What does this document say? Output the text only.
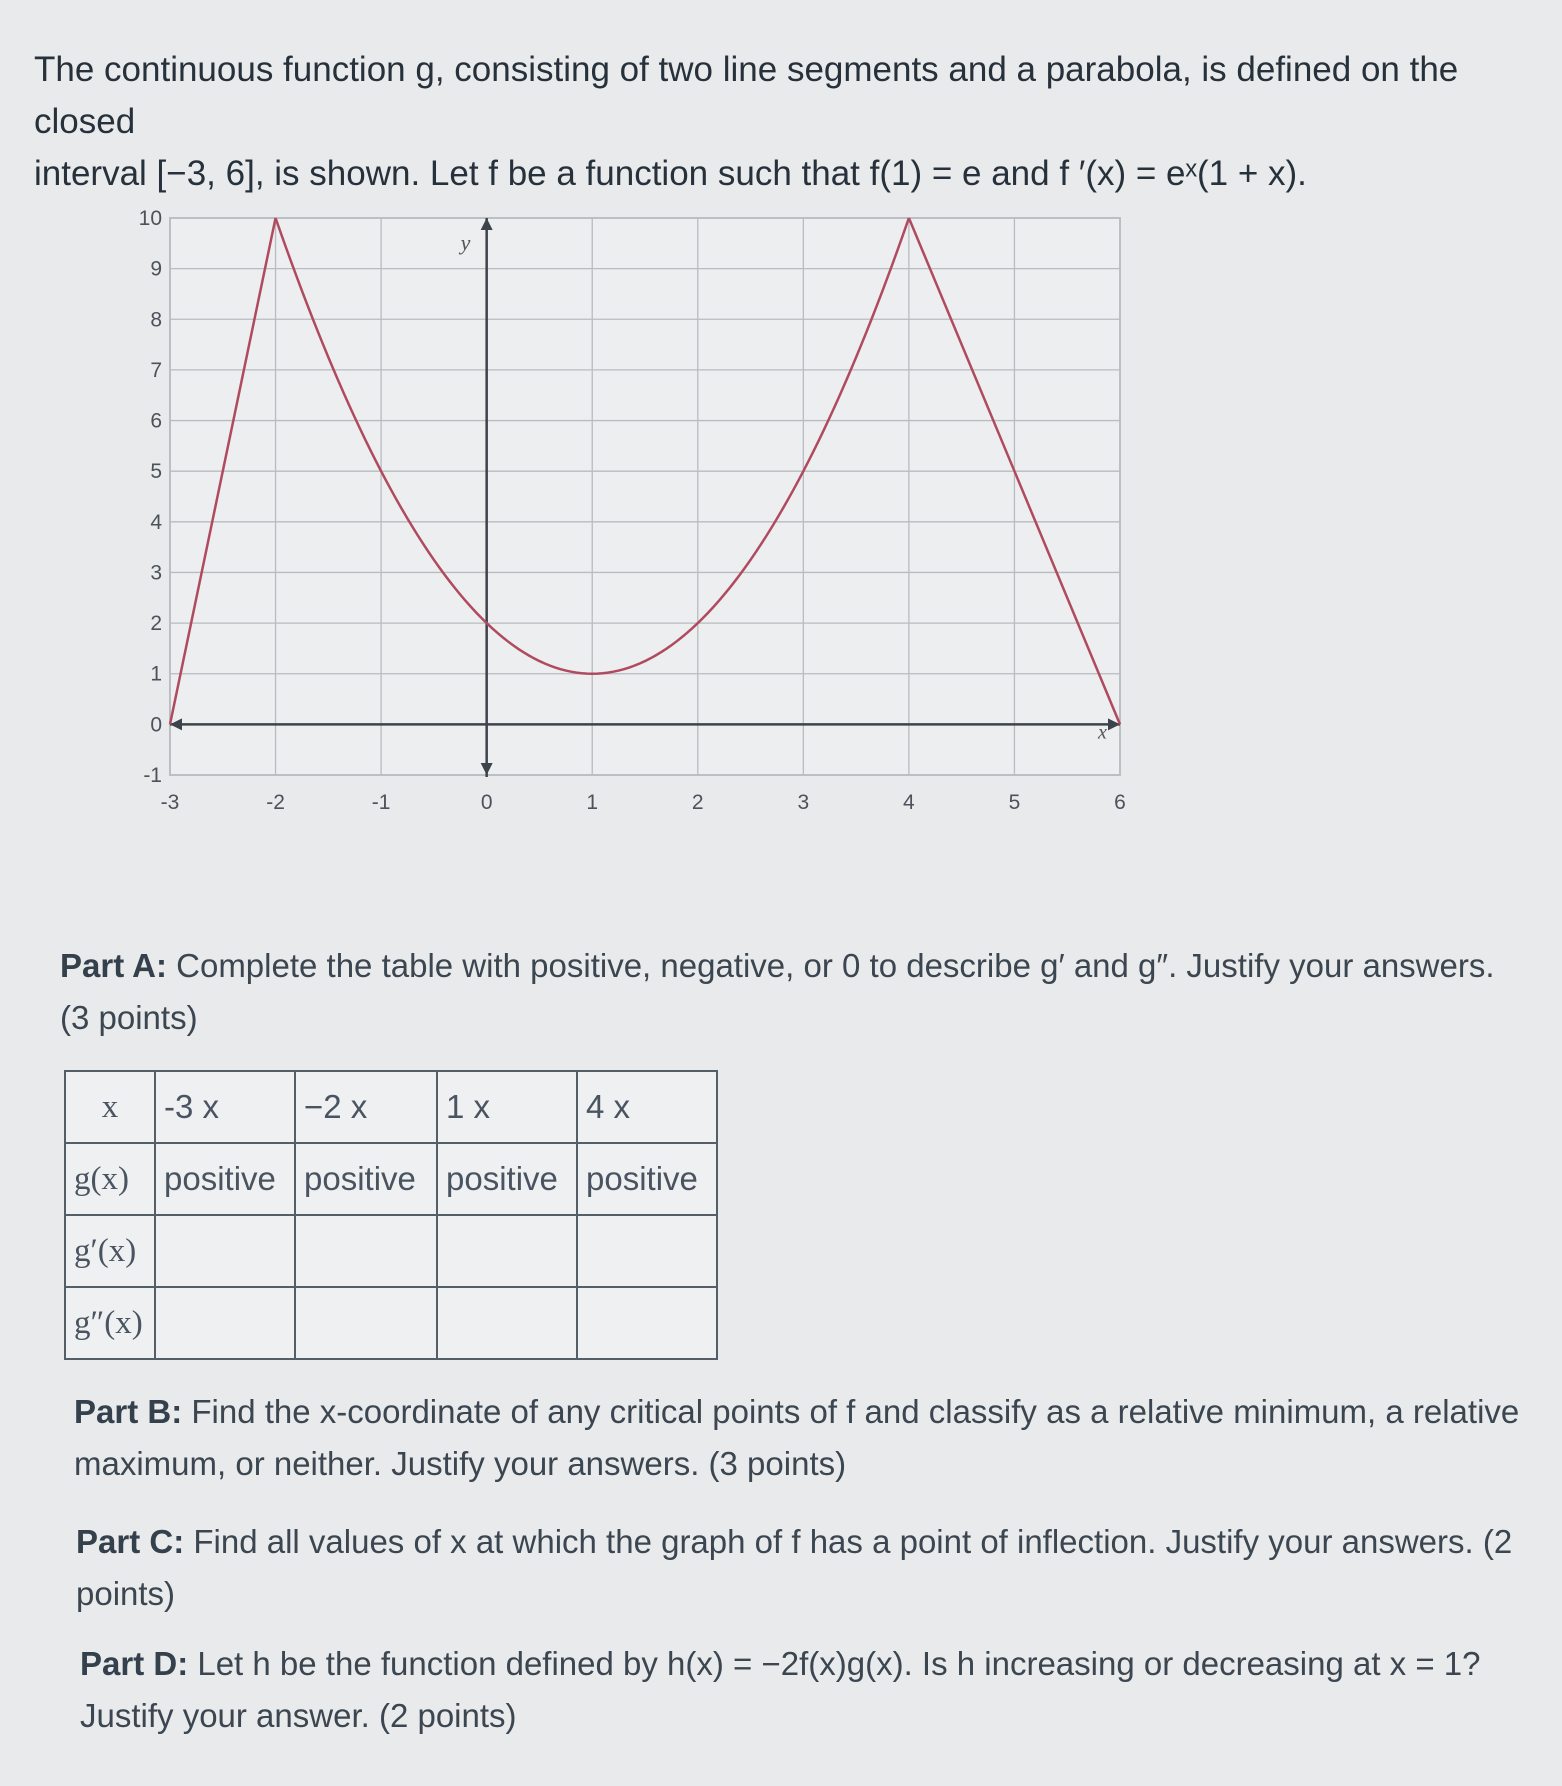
The continuous function g, consisting of two line segments and a parabola, is defined on the closed
interval [−3, 6], is shown. Let f be a function such that f(1) = e and f ′(x) = eˣ(1 + x).
x
y
-3	-2	-1	0	1	2	3	4	5	6
-1
0
1
2
3
4
5
6
7
8
9
10
Part A: Complete the table with positive, negative, or 0 to describe g′ and g″. Justify your answers.
(3 points)
x	-3 x	−2 x	1 x	4 x
g(x)	positive	positive	positive	positive
g′(x)				
g″(x)				
Part B: Find the x-coordinate of any critical points of f and classify as a relative minimum, a relative maximum, or neither. Justify your answers. (3 points)
Part C: Find all values of x at which the graph of f has a point of inflection. Justify your answers. (2 points)
Part D: Let h be the function defined by h(x) = −2f(x)g(x). Is h increasing or decreasing at x = 1? Justify your answer. (2 points)
